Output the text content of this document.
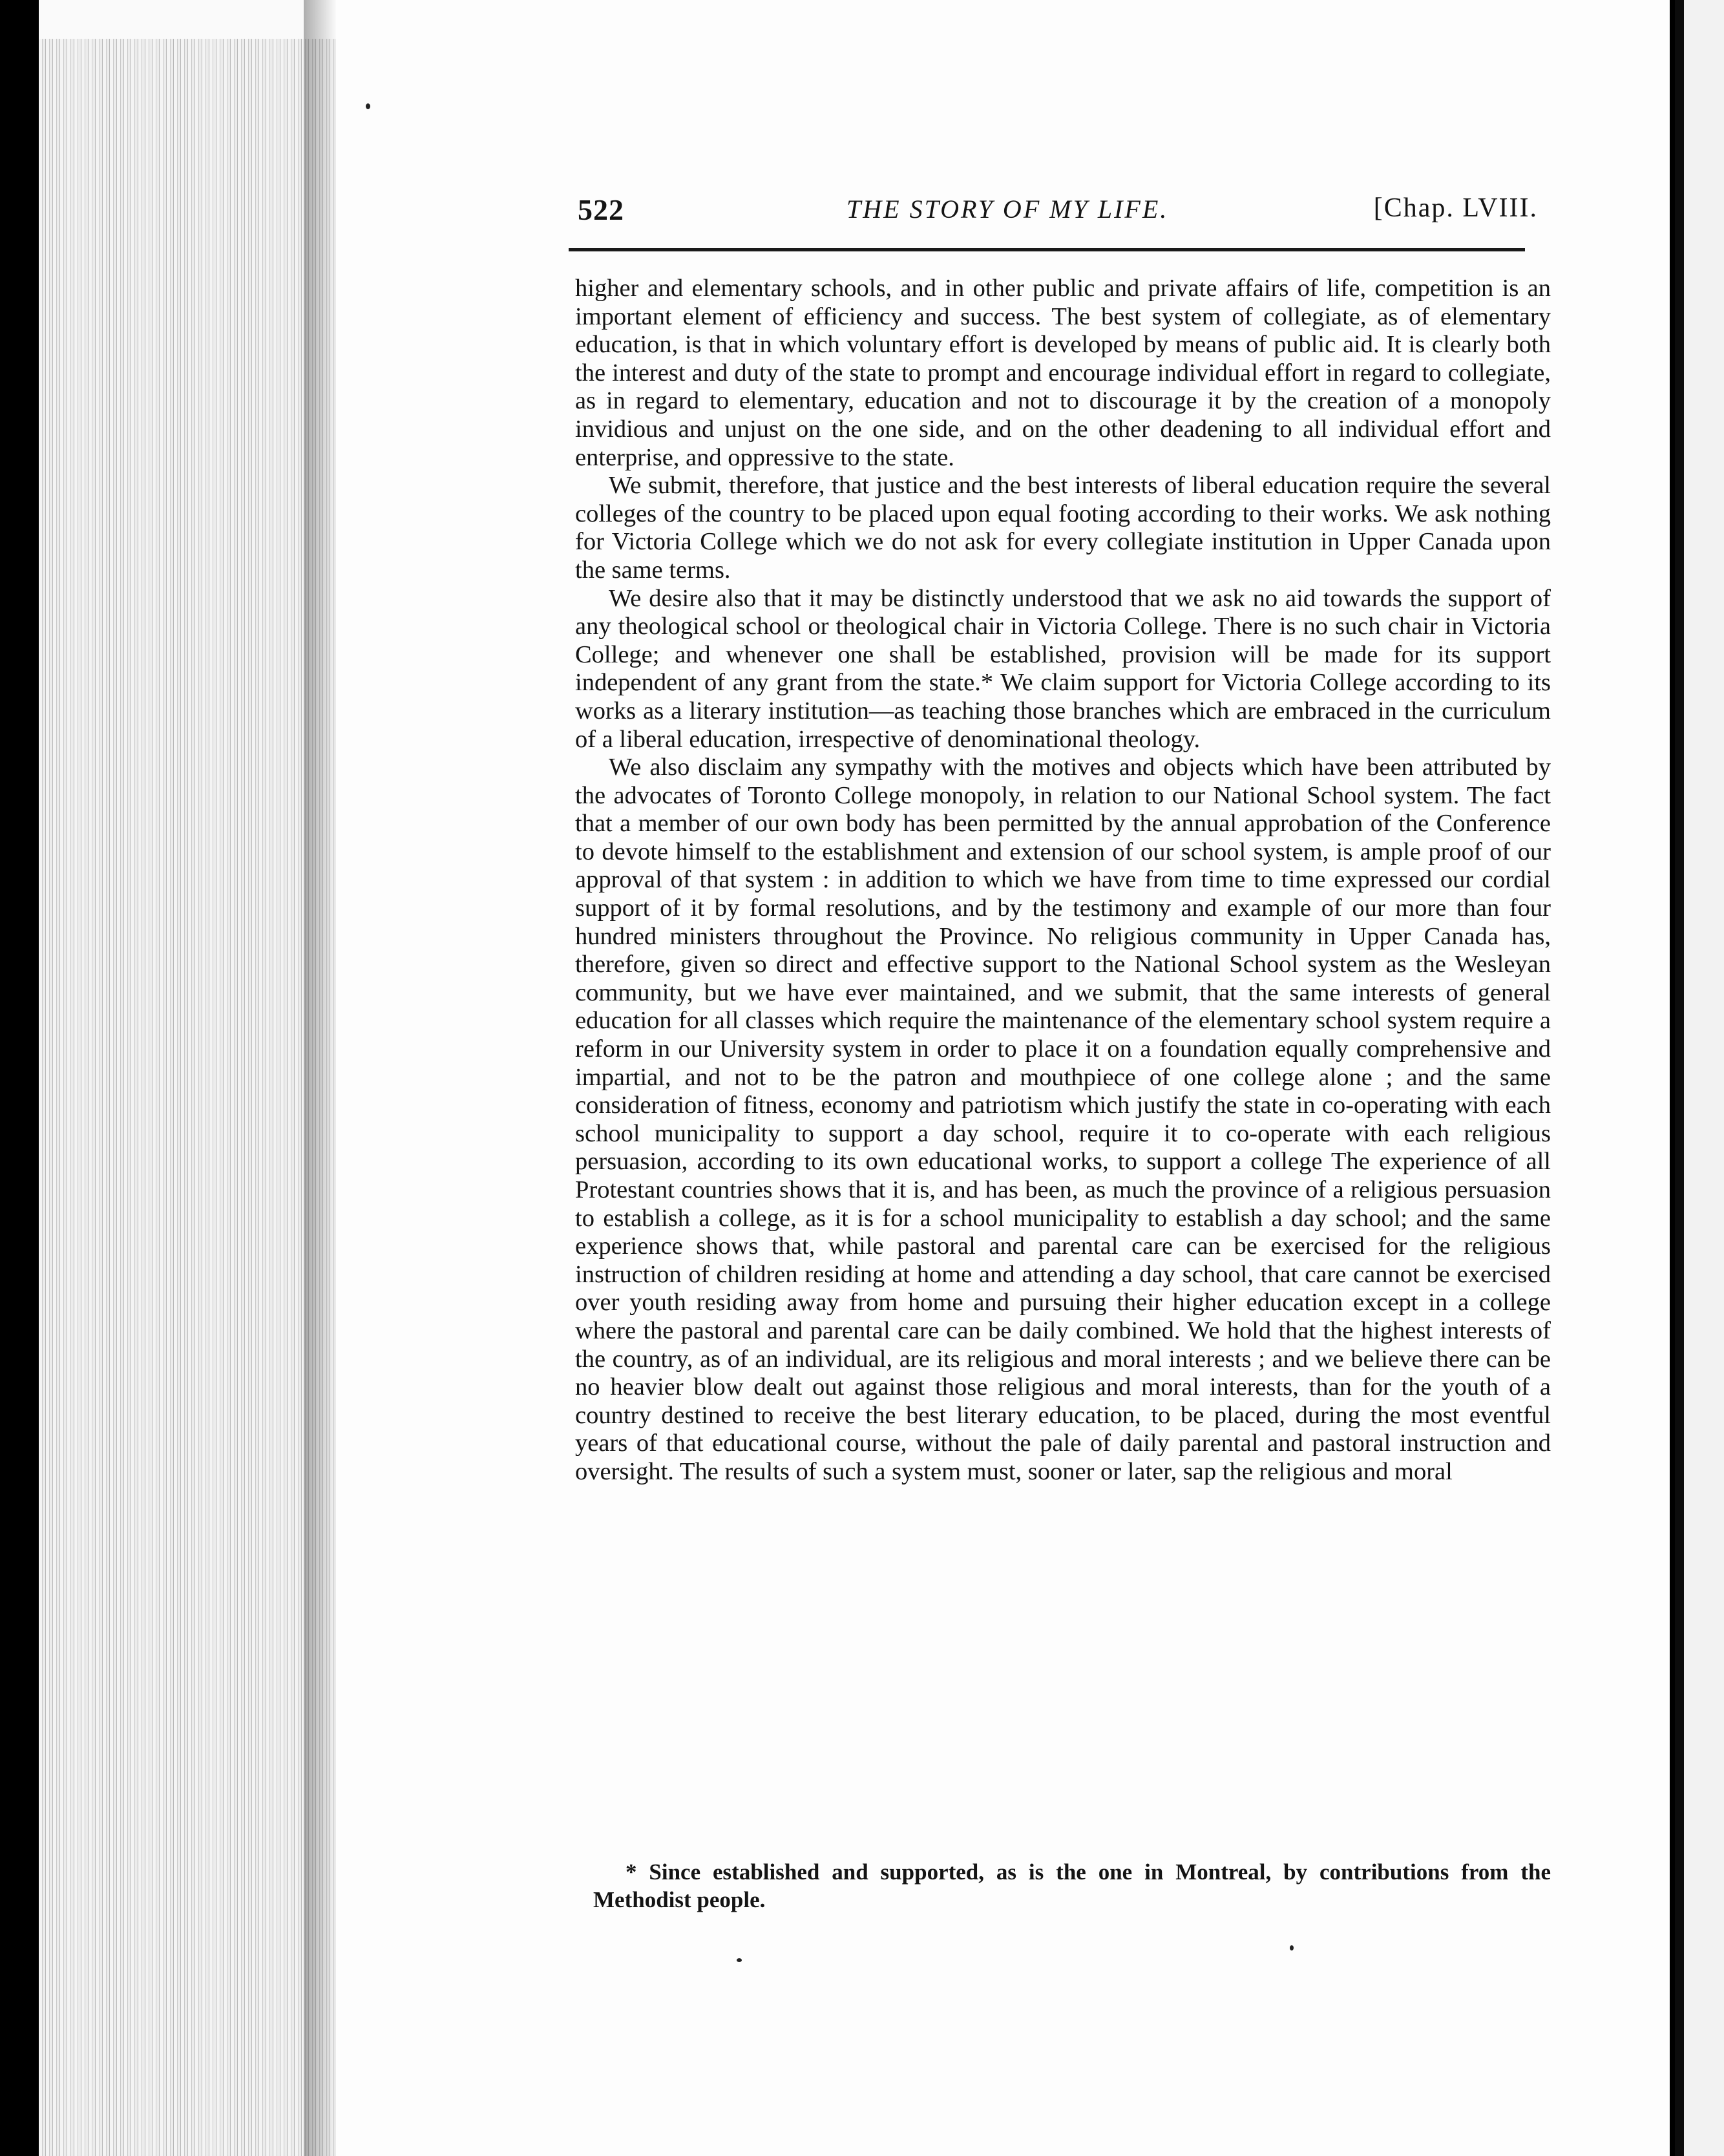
522	THE STORY OF MY LIFE.	[Chap. LVIII.

higher and elementary schools, and in other public and private affairs of life, competition is an important element of efficiency and success. The best system of collegiate, as of elementary education, is that in which voluntary effort is developed by means of public aid. It is clearly both the interest and duty of the state to prompt and encourage individual effort in regard to collegiate, as in regard to elementary, education and not to discourage it by the creation of a monopoly invidious and unjust on the one side, and on the other deadening to all individual effort and enterprise, and oppressive to the state.

We submit, therefore, that justice and the best interests of liberal education require the several colleges of the country to be placed upon equal footing according to their works. We ask nothing for Victoria College which we do not ask for every collegiate institution in Upper Canada upon the same terms.

We desire also that it may be distinctly understood that we ask no aid towards the support of any theological school or theological chair in Victoria College. There is no such chair in Victoria College; and whenever one shall be established, provision will be made for its support independent of any grant from the state.* We claim support for Victoria College according to its works as a literary institution—as teaching those branches which are embraced in the curriculum of a liberal education, irrespective of denominational theology.

We also disclaim any sympathy with the motives and objects which have been attributed by the advocates of Toronto College monopoly, in relation to our National School system. The fact that a member of our own body has been permitted by the annual approbation of the Conference to devote himself to the establishment and extension of our school system, is ample proof of our approval of that system : in addition to which we have from time to time expressed our cordial support of it by formal resolutions, and by the testimony and example of our more than four hundred ministers throughout the Province. No religious community in Upper Canada has, therefore, given so direct and effective support to the National School system as the Wesleyan community, but we have ever maintained, and we submit, that the same interests of general education for all classes which require the maintenance of the elementary school system require a reform in our University system in order to place it on a foundation equally comprehensive and impartial, and not to be the patron and mouthpiece of one college alone ; and the same consideration of fitness, economy and patriotism which justify the state in co-operating with each school municipality to support a day school, require it to co-operate with each religious persuasion, according to its own educational works, to support a college The experience of all Protestant countries shows that it is, and has been, as much the province of a religious persuasion to establish a college, as it is for a school municipality to establish a day school; and the same experience shows that, while pastoral and parental care can be exercised for the religious instruction of children residing at home and attending a day school, that care cannot be exercised over youth residing away from home and pursuing their higher education except in a college where the pastoral and parental care can be daily combined. We hold that the highest interests of the country, as of an individual, are its religious and moral interests ; and we believe there can be no heavier blow dealt out against those religious and moral interests, than for the youth of a country destined to receive the best literary education, to be placed, during the most eventful years of that educational course, without the pale of daily parental and pastoral instruction and oversight. The results of such a system must, sooner or later, sap the religious and moral

* Since established and supported, as is the one in Montreal, by contributions from the Methodist people.
